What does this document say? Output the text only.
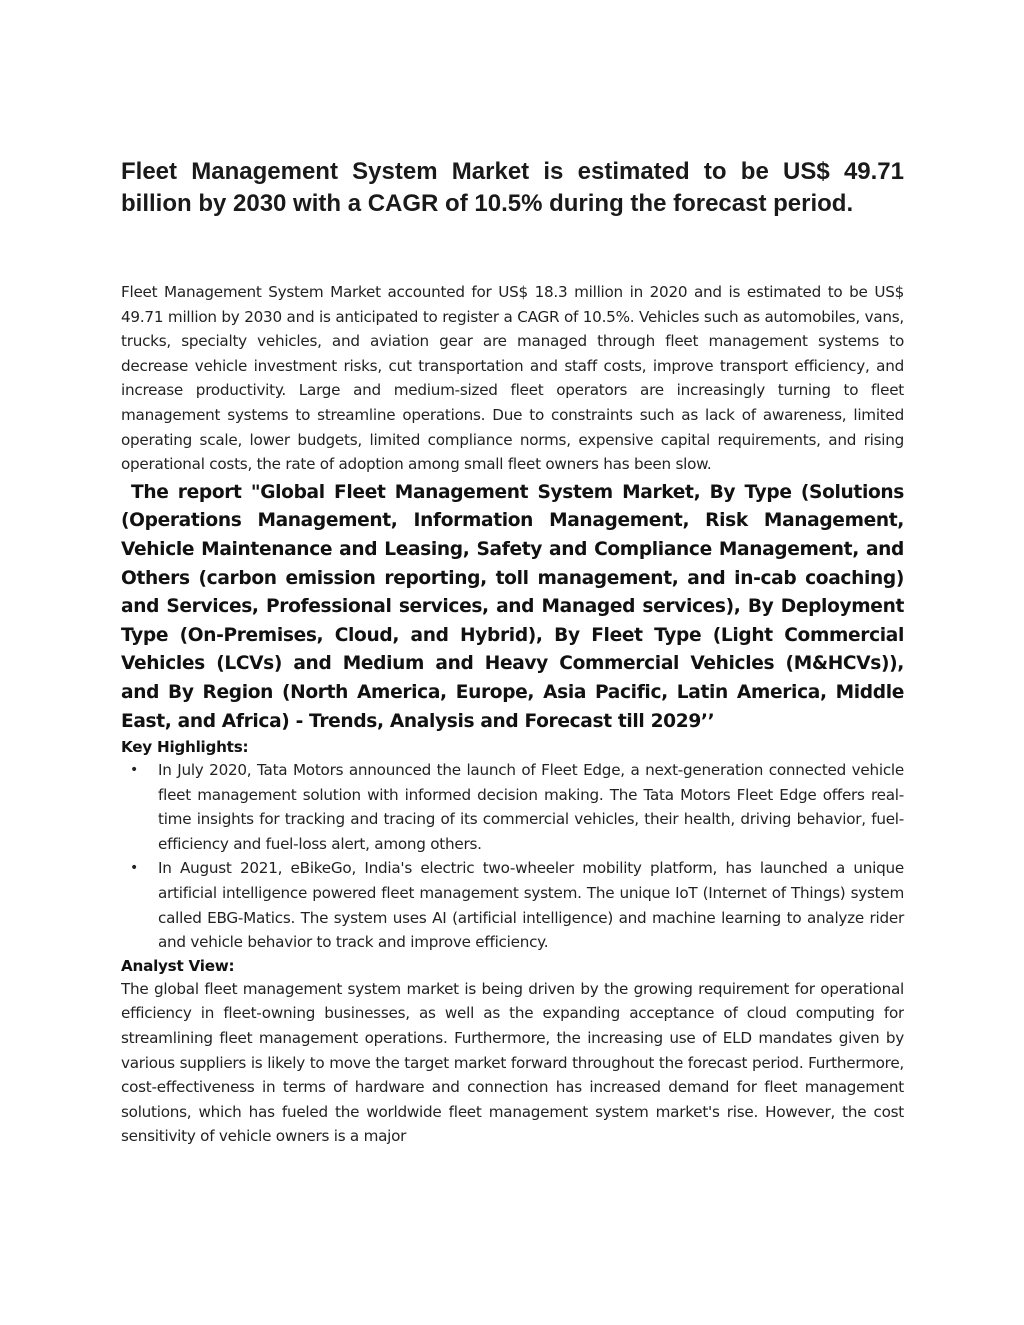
Fleet Management System Market is estimated to be US$ 49.71 billion by 2030 with a CAGR of 10.5% during the forecast period.

Fleet Management System Market accounted for US$ 18.3 million in 2020 and is estimated to be US$ 49.71 million by 2030 and is anticipated to register a CAGR of 10.5%. Vehicles such as automobiles, vans, trucks, specialty vehicles, and aviation gear are managed through fleet management systems to decrease vehicle investment risks, cut transportation and staff costs, improve transport efficiency, and increase productivity. Large and medium-sized fleet operators are increasingly turning to fleet management systems to streamline operations. Due to constraints such as lack of awareness, limited operating scale, lower budgets, limited compliance norms, expensive capital requirements, and rising operational costs, the rate of adoption among small fleet owners has been slow.

The report "Global Fleet Management System Market, By Type (Solutions (Operations Management, Information Management, Risk Management, Vehicle Maintenance and Leasing, Safety and Compliance Management, and Others (carbon emission reporting, toll management, and in-cab coaching) and Services, Professional services, and Managed services), By Deployment Type (On-Premises, Cloud, and Hybrid), By Fleet Type (Light Commercial Vehicles (LCVs) and Medium and Heavy Commercial Vehicles (M&HCVs)), and By Region (North America, Europe, Asia Pacific, Latin America, Middle East, and Africa) - Trends, Analysis and Forecast till 2029’’

Key Highlights:
• In July 2020, Tata Motors announced the launch of Fleet Edge, a next-generation connected vehicle fleet management solution with informed decision making. The Tata Motors Fleet Edge offers real-time insights for tracking and tracing of its commercial vehicles, their health, driving behavior, fuel-efficiency and fuel-loss alert, among others.
• In August 2021, eBikeGo, India's electric two-wheeler mobility platform, has launched a unique artificial intelligence powered fleet management system. The unique IoT (Internet of Things) system called EBG-Matics. The system uses AI (artificial intelligence) and machine learning to analyze rider and vehicle behavior to track and improve efficiency.
Analyst View:

The global fleet management system market is being driven by the growing requirement for operational efficiency in fleet-owning businesses, as well as the expanding acceptance of cloud computing for streamlining fleet management operations. Furthermore, the increasing use of ELD mandates given by various suppliers is likely to move the target market forward throughout the forecast period. Furthermore, cost-effectiveness in terms of hardware and connection has increased demand for fleet management solutions, which has fueled the worldwide fleet management system market's rise. However, the cost sensitivity of vehicle owners is a major
